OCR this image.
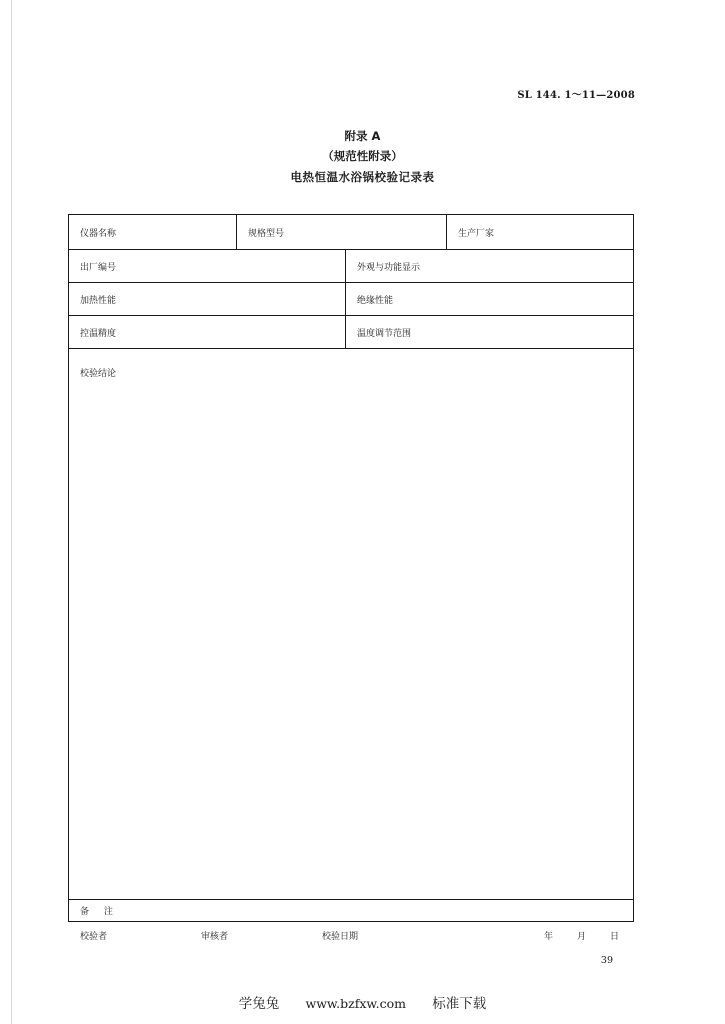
SL 144. 1～11—2008
附录 A
（规范性附录）
电热恒温水浴锅校验记录表
仪器名称	规格型号	生产厂家
出厂编号	外观与功能显示
加热性能	绝缘性能
控温精度	温度调节范围
校验结论
备 注
校验者	审核者	校验日期	年	月	日
39
学兔兔 www.bzfxw.com 标准下载
